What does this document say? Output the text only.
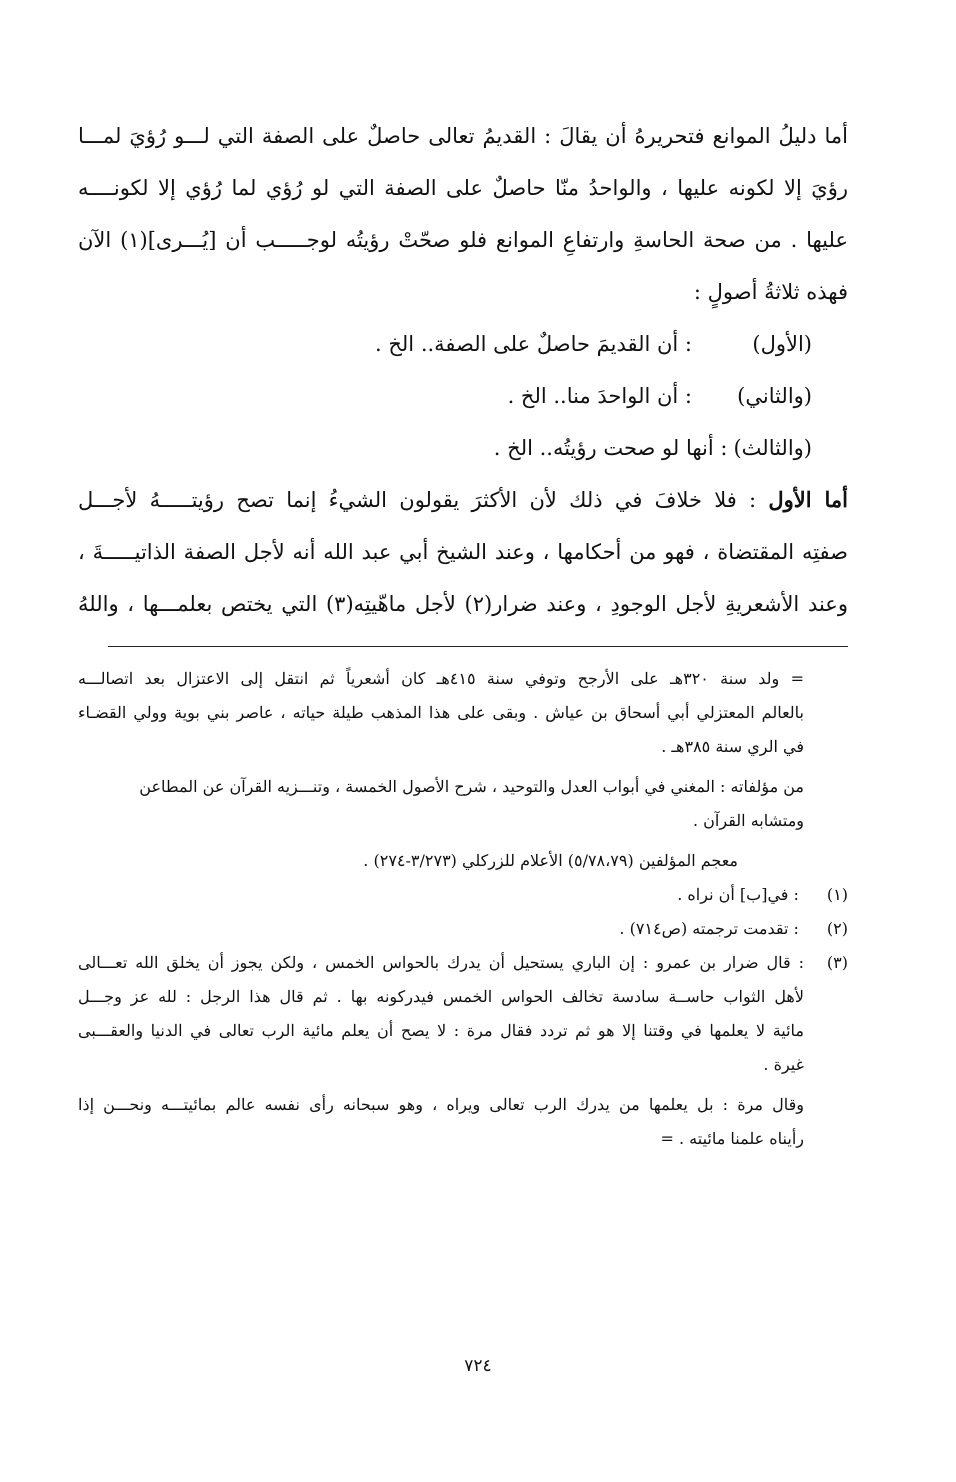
أما دليلُ الموانع فتحريرهُ أن يقالَ : القديمُ تعالى حاصلٌ على الصفة التي لـــو رُؤيَ لمـــا
رؤيَ إلا لكونه عليها ، والواحدُ منّا حاصلٌ على الصفة التي لو رُؤي لما رُؤي إلا لكونــــه
عليها . من صحة الحاسةِ وارتفاعِ الموانع فلو صحّتْ رؤيتُه لوجـــــب أن [يُـــرى](١) الآن
فهذه ثلاثةُ أصولٍ :
(الأول)
: أن القديمَ حاصلٌ على الصفة.. الخ .
(والثاني)
: أن الواحدَ منا.. الخ .
(والثالث)
: أنها لو صحت رؤيتُه.. الخ .
أما الأول : فلا خلافَ في ذلك لأن الأكثرَ يقولون الشيءُ إنما تصح رؤيتـــــهُ لأجـــل
صفتِه المقتضاة ، فهو من أحكامها ، وعند الشيخ أبي عبد الله أنه لأجل الصفة الذاتيـــــةَ ،
وعند الأشعريةِ لأجل الوجودِ ، وعند ضرار(٢) لأجل ماهّيتِه(٣) التي يختص بعلمـــها ، واللهُ
= ولد سنة ٣٢٠هـ على الأرجح وتوفي سنة ٤١٥هـ كان أشعرياً ثم انتقل إلى الاعتزال بعد اتصالـــه
بالعالم المعتزلي أبي أسحاق بن عياش . وبقى على هذا المذهب طيلة حياته ، عاصر بني بوية وولي القضـاء
في الري سنة ٣٨٥هـ .
من مؤلفاته : المغني في أبواب العدل والتوحيد ، شرح الأصول الخمسة ، وتنـــزيه القرآن عن المطاعن
ومتشابه القرآن .
معجم المؤلفين (٥/٧٨،٧٩) الأعلام للزركلي (٣/٢٧٣-٢٧٤) .
(١) : في[ب] أن نراه .
(٢) : تقدمت ترجمته (ص٧١٤) .
(٣): قال ضرار بن عمرو : إن الباري يستحيل أن يدرك بالحواس الخمس ، ولكن يجوز أن يخلق الله تعـــالى
لأهل الثواب حاســة سادسة تخالف الحواس الخمس فيدركونه بها . ثم قال هذا الرجل : لله عز وجـــل
مائية لا يعلمها في وقتنا إلا هو ثم تردد فقال مرة : لا يصح أن يعلم مائية الرب تعالى في الدنيا والعقـــبى
غيرة .
وقال مرة : بل يعلمها من يدرك الرب تعالى ويراه ، وهو سبحانه رأى نفسه عالم بمائيتـــه ونحـــن إذا
رأيناه علمنا مائيته . =
٧٢٤
